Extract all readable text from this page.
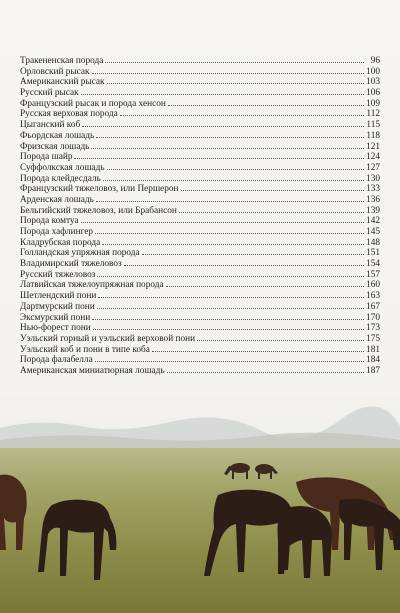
Тракененская порода	96
Орловский рысак	100
Американский рысак	103
Русский рысак	106
Французский рысак и порода хенсон	109
Русская верховая порода	112
Цыганский коб	115
Фьордская лошадь	118
Фризская лошадь	121
Порода шайр	124
Суффолкская лошадь	127
Порода клейдесдаль	130
Французский тяжеловоз, или Першерон	133
Арденская лошадь	136
Бельгийский тяжеловоз, или Брабансон	139
Порода комтуа	142
Порода хафлингер	145
Кладрубская порода	148
Голландская упряжная порода	151
Владимирский тяжеловоз	154
Русский тяжеловоз	157
Латвийская тяжелоупряжная порода	160
Шетлендский пони	163
Дартмурский пони	167
Эксмурский пони	170
Нью-форест пони	173
Уэльский горный и уэльский верховой пони	175
Уэльский коб и пони в типе коба	181
Порода фалабелла	184
Американская миниатюрная лошадь	187
